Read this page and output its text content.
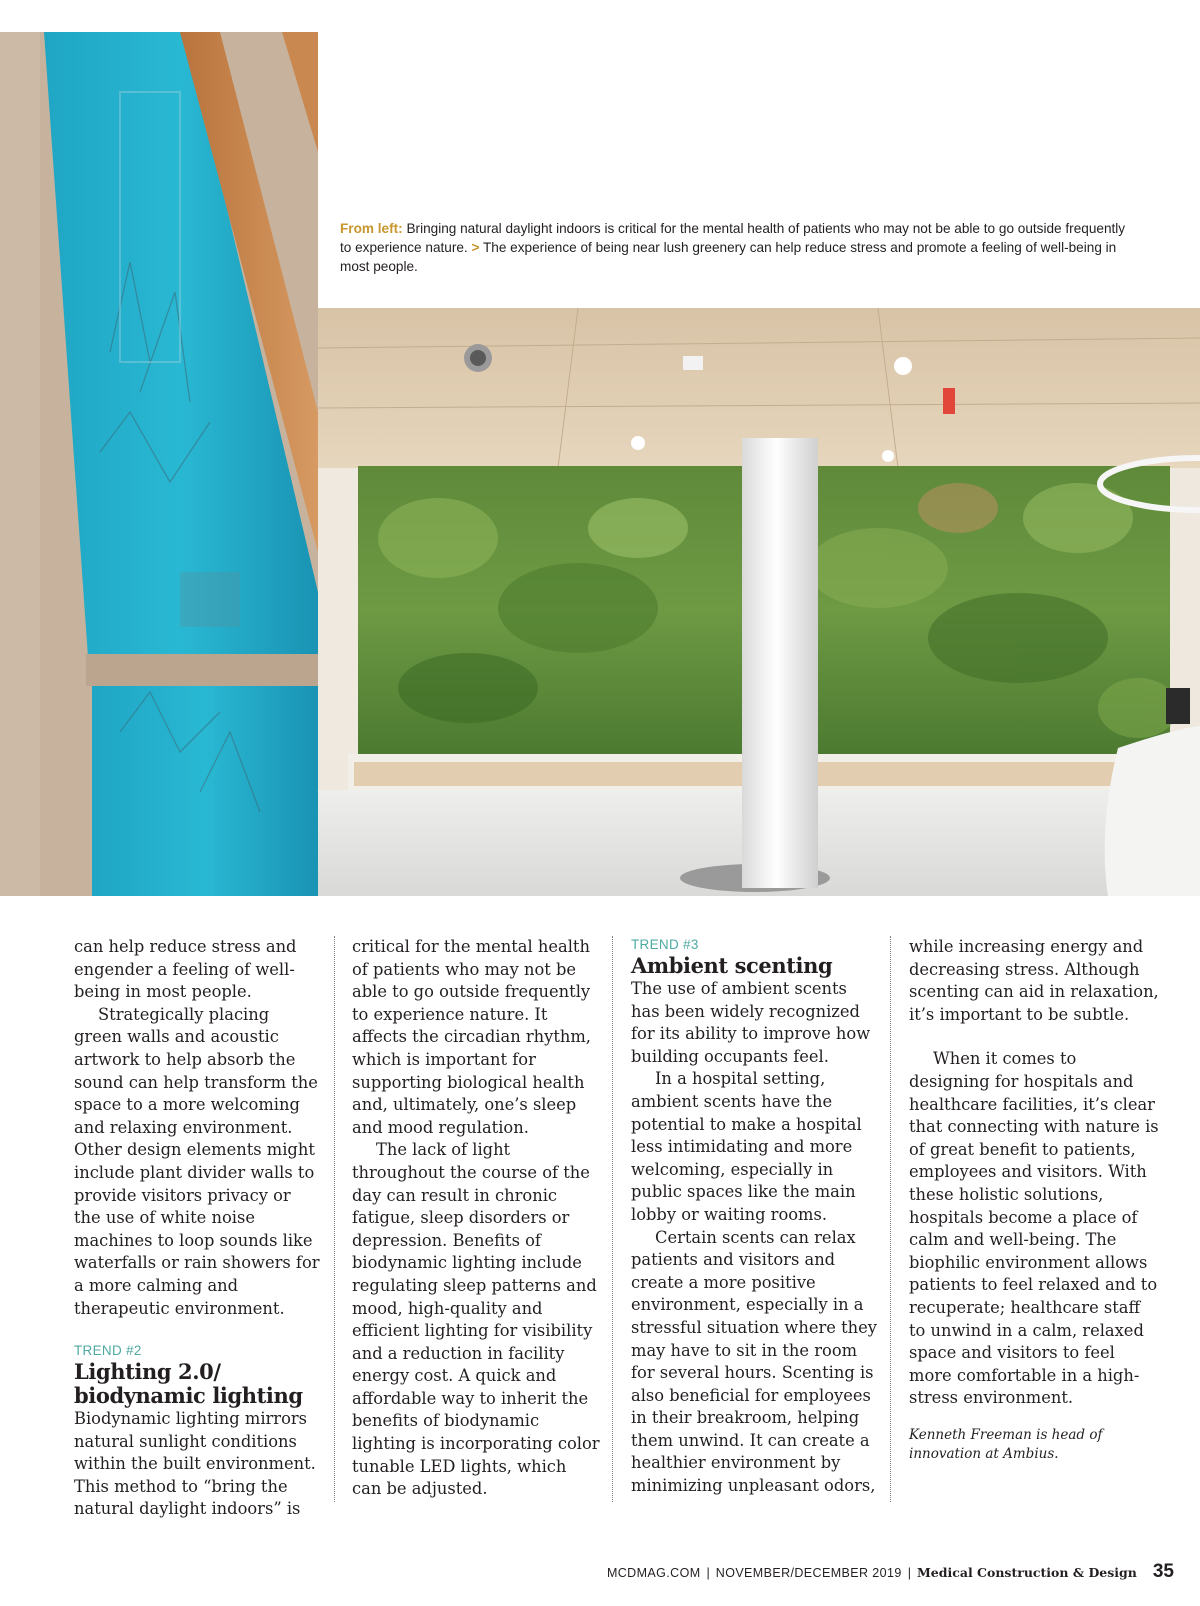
From left: Bringing natural daylight indoors is critical for the mental health of patients who may not be able to go outside frequently to experience nature. > The experience of being near lush greenery can help reduce stress and promote a feeling of well-being in most people.

can help reduce stress and engender a feeling of well-being in most people.

Strategically placing green walls and acoustic artwork to help absorb the sound can help transform the space to a more welcoming and relaxing environment. Other design elements might include plant divider walls to provide visitors privacy or the use of white noise machines to loop sounds like waterfalls or rain showers for a more calming and therapeutic environment.

TREND #2

Lighting 2.0/
biodynamic lighting

Biodynamic lighting mirrors natural sunlight conditions within the built environment. This method to “bring the natural daylight indoors” is

critical for the mental health of patients who may not be able to go outside frequently to experience nature. It affects the circadian rhythm, which is important for supporting biological health and, ultimately, one’s sleep and mood regulation.

The lack of light throughout the course of the day can result in chronic fatigue, sleep disorders or depression. Benefits of biodynamic lighting include regulating sleep patterns and mood, high-quality and efficient lighting for visibility and a reduction in facility energy cost. A quick and affordable way to inherit the benefits of biodynamic lighting is incorporating color tunable LED lights, which can be adjusted.

TREND #3

Ambient scenting

The use of ambient scents has been widely recognized for its ability to improve how building occupants feel.

In a hospital setting, ambient scents have the potential to make a hospital less intimidating and more welcoming, especially in public spaces like the main lobby or waiting rooms.

Certain scents can relax patients and visitors and create a more positive environment, especially in a stressful situation where they may have to sit in the room for several hours. Scenting is also beneficial for employees in their breakroom, helping them unwind. It can create a healthier environment by minimizing unpleasant odors,

while increasing energy and decreasing stress. Although scenting can aid in relaxation, it’s important to be subtle.

When it comes to designing for hospitals and healthcare facilities, it’s clear that connecting with nature is of great benefit to patients, employees and visitors. With these holistic solutions, hospitals become a place of calm and well-being. The biophilic environment allows patients to feel relaxed and to recuperate; healthcare staff to unwind in a calm, relaxed space and visitors to feel more comfortable in a high-stress environment.

Kenneth Freeman is head of innovation at Ambius.

MCDMAG.COM | NOVEMBER/DECEMBER 2019 | Medical Construction & Design 35
